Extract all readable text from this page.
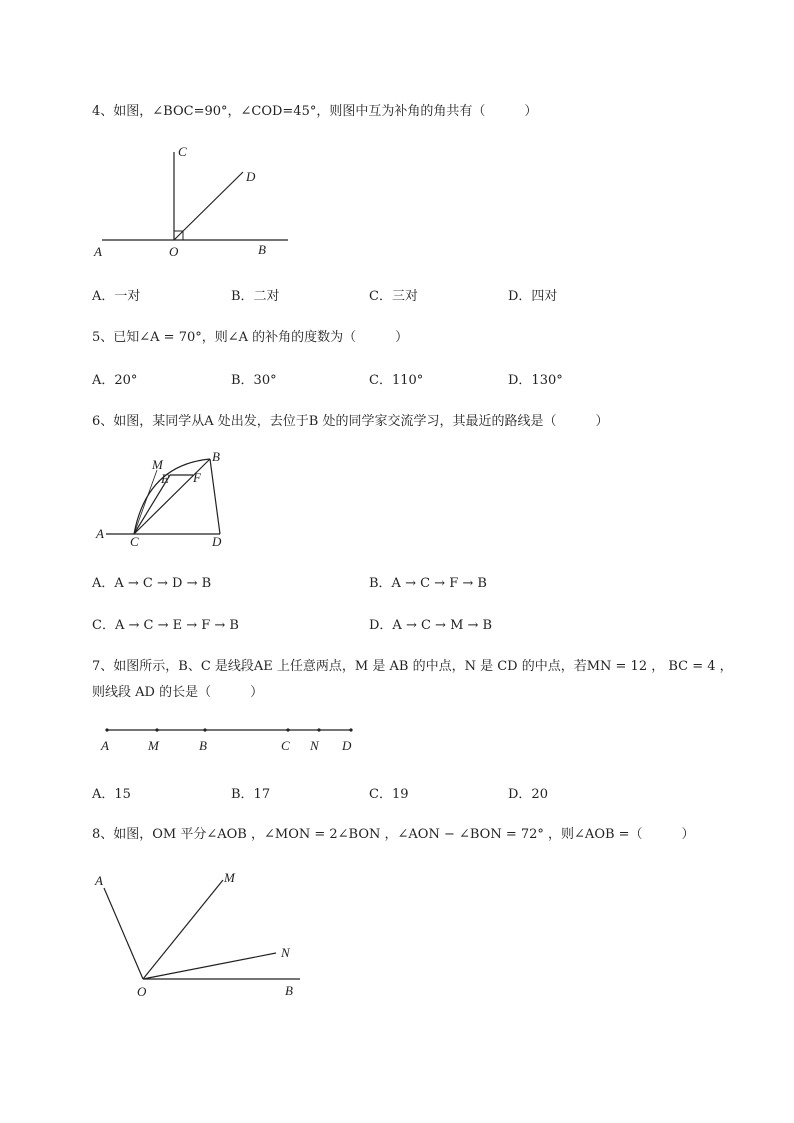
4、如图，∠BOC=90°，∠COD=45°，则图中互为补角的角共有（　　　）
C
D
A	O	B
A．一对	B．二对	C．三对	D．四对
5、已知∠A = 70°，则∠A 的补角的度数为（　　　）
A．20°	B．30°	C．110°	D．130°
6、如图，某同学从A 处出发，去位于B 处的同学家交流学习，其最近的路线是（　　　）
M
B
E F
A
C	D
A．A → C → D → B	B．A → C → F → B
C．A → C → E → F → B	D．A → C → M → B
7、如图所示，B、C 是线段AE 上任意两点，M 是 AB 的中点，N 是 CD 的中点，若MN = 12 ， BC = 4 ，
则线段 AD 的长是（　　　）
A	M	B	C N D
A．15	B．17	C．19	D．20
8、如图，OM 平分∠AOB ，∠MON = 2∠BON ，∠AON − ∠BON = 72° ，则∠AOB =（　　　）
A	M
N
O	B
